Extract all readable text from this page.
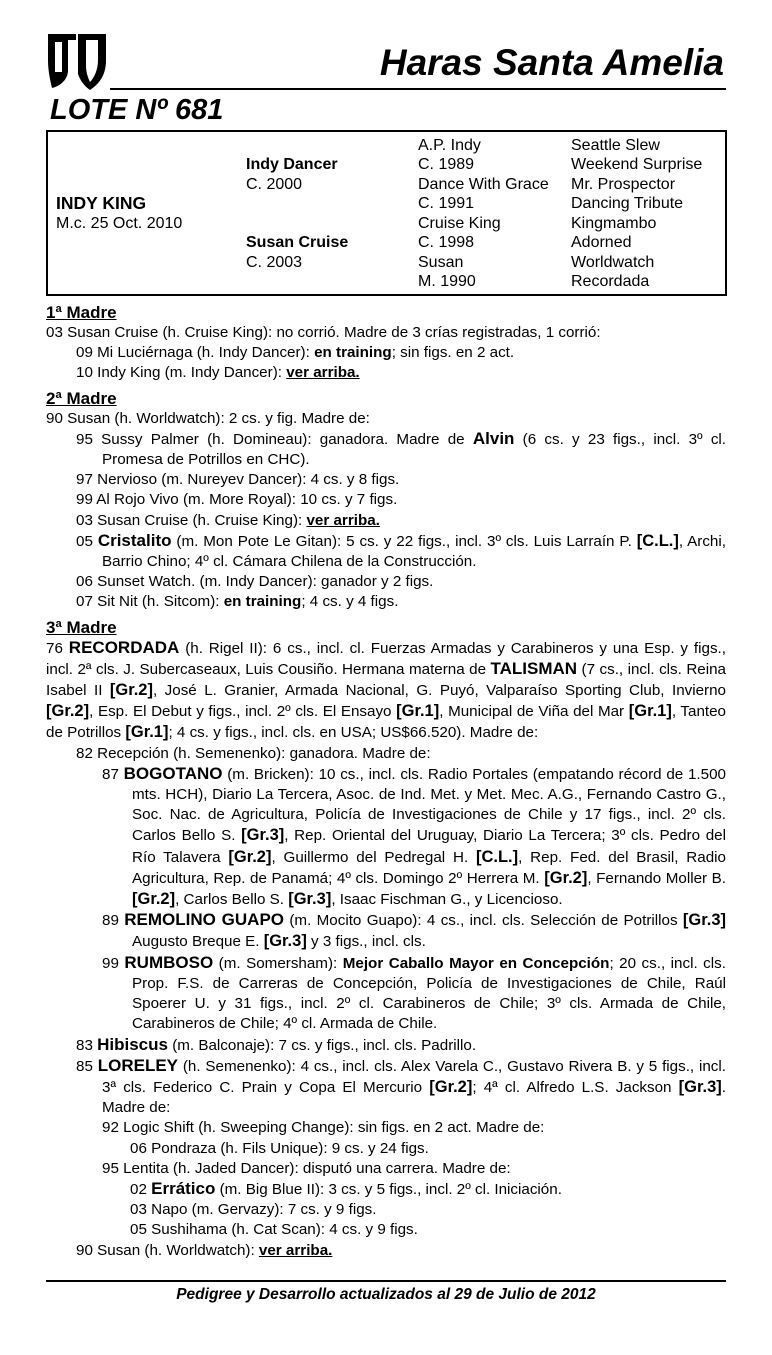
Haras Santa Amelia
LOTE Nº 681
INDY KING
M.c. 25 Oct. 2010
Indy Dancer
C. 2000
Susan Cruise
C. 2003
A.P. Indy
C. 1989
Dance With Grace
C. 1991
Cruise King
C. 1998
Susan
M. 1990
Seattle Slew
Weekend Surprise
Mr. Prospector
Dancing Tribute
Kingmambo
Adorned
Worldwatch
Recordada
1ª Madre
03 Susan Cruise (h. Cruise King): no corrió. Madre de 3 crías registradas, 1 corrió:
09 Mi Luciérnaga (h. Indy Dancer): en training; sin figs. en 2 act.
10 Indy King (m. Indy Dancer): ver arriba.
2ª Madre
90 Susan (h. Worldwatch): 2 cs. y fig. Madre de:
95 Sussy Palmer (h. Domineau): ganadora. Madre de Alvin (6 cs. y 23 figs., incl. 3º cl. Promesa de Potrillos en CHC).
97 Nervioso (m. Nureyev Dancer): 4 cs. y 8 figs.
99 Al Rojo Vivo (m. More Royal): 10 cs. y 7 figs.
03 Susan Cruise (h. Cruise King): ver arriba.
05 Cristalito (m. Mon Pote Le Gitan): 5 cs. y 22 figs., incl. 3º cls. Luis Larraín P. [C.L.], Archi, Barrio Chino; 4º cl. Cámara Chilena de la Construcción.
06 Sunset Watch. (m. Indy Dancer): ganador y 2 figs.
07 Sit Nit (h. Sitcom): en training; 4 cs. y 4 figs.
3ª Madre
76 RECORDADA (h. Rigel II): 6 cs., incl. cl. Fuerzas Armadas y Carabineros y una Esp. y figs., incl. 2ª cls. J. Subercaseaux, Luis Cousiño. Hermana materna de TALISMAN (7 cs., incl. cls. Reina Isabel II [Gr.2], José L. Granier, Armada Nacional, G. Puyó, Valparaíso Sporting Club, Invierno [Gr.2], Esp. El Debut y figs., incl. 2º cls. El Ensayo [Gr.1], Municipal de Viña del Mar [Gr.1], Tanteo de Potrillos [Gr.1]; 4 cs. y figs., incl. cls. en USA; US$66.520). Madre de:
82 Recepción (h. Semenenko): ganadora. Madre de:
87 BOGOTANO (m. Bricken): 10 cs., incl. cls. Radio Portales (empatando récord de 1.500 mts. HCH), Diario La Tercera, Asoc. de Ind. Met. y Met. Mec. A.G., Fernando Castro G., Soc. Nac. de Agricultura, Policía de Investigaciones de Chile y 17 figs., incl. 2º cls. Carlos Bello S. [Gr.3], Rep. Oriental del Uruguay, Diario La Tercera; 3º cls. Pedro del Río Talavera [Gr.2], Guillermo del Pedregal H. [C.L.], Rep. Fed. del Brasil, Radio Agricultura, Rep. de Panamá; 4º cls. Domingo 2º Herrera M. [Gr.2], Fernando Moller B. [Gr.2], Carlos Bello S. [Gr.3], Isaac Fischman G., y Licencioso.
89 REMOLINO GUAPO (m. Mocito Guapo): 4 cs., incl. cls. Selección de Potrillos [Gr.3] Augusto Breque E. [Gr.3] y 3 figs., incl. cls.
99 RUMBOSO (m. Somersham): Mejor Caballo Mayor en Concepción; 20 cs., incl. cls. Prop. F.S. de Carreras de Concepción, Policía de Investigaciones de Chile, Raúl Spoerer U. y 31 figs., incl. 2º cl. Carabineros de Chile; 3º cls. Armada de Chile, Carabineros de Chile; 4º cl. Armada de Chile.
83 Hibiscus (m. Balconaje): 7 cs. y figs., incl. cls. Padrillo.
85 LORELEY (h. Semenenko): 4 cs., incl. cls. Alex Varela C., Gustavo Rivera B. y 5 figs., incl. 3ª cls. Federico C. Prain y Copa El Mercurio [Gr.2]; 4ª cl. Alfredo L.S. Jackson [Gr.3]. Madre de:
92 Logic Shift (h. Sweeping Change): sin figs. en 2 act. Madre de:
06 Pondraza (h. Fils Unique): 9 cs. y 24 figs.
95 Lentita (h. Jaded Dancer): disputó una carrera. Madre de:
02 Errático (m. Big Blue II): 3 cs. y 5 figs., incl. 2º cl. Iniciación.
03 Napo (m. Gervazy): 7 cs. y 9 figs.
05 Sushihama (h. Cat Scan): 4 cs. y 9 figs.
90 Susan (h. Worldwatch): ver arriba.
Pedigree y Desarrollo actualizados al 29 de Julio de 2012
